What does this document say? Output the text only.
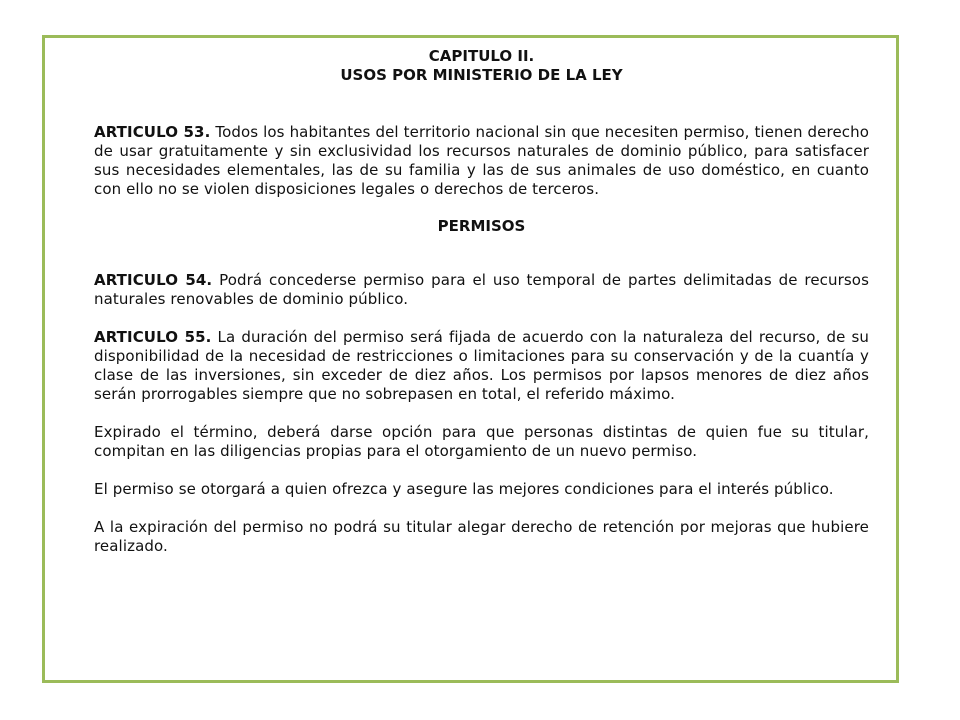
CAPITULO II.

USOS POR MINISTERIO DE LA LEY

ARTICULO 53. Todos los habitantes del territorio nacional sin que necesiten permiso, tienen derecho de usar gratuitamente y sin exclusividad los recursos naturales de dominio público, para satisfacer sus necesidades elementales, las de su familia y las de sus animales de uso doméstico, en cuanto con ello no se violen disposiciones legales o derechos de terceros.

PERMISOS

ARTICULO 54. Podrá concederse permiso para el uso temporal de partes delimitadas de recursos naturales renovables de dominio público.

ARTICULO 55. La duración del permiso será fijada de acuerdo con la naturaleza del recurso, de su disponibilidad de la necesidad de restricciones o limitaciones para su conservación y de la cuantía y clase de las inversiones, sin exceder de diez años. Los permisos por lapsos menores de diez años serán prorrogables siempre que no sobrepasen en total, el referido máximo.

Expirado el término, deberá darse opción para que personas distintas de quien fue su titular, compitan en las diligencias propias para el otorgamiento de un nuevo permiso.

El permiso se otorgará a quien ofrezca y asegure las mejores condiciones para el interés público.

A la expiración del permiso no podrá su titular alegar derecho de retención por mejoras que hubiere realizado.
